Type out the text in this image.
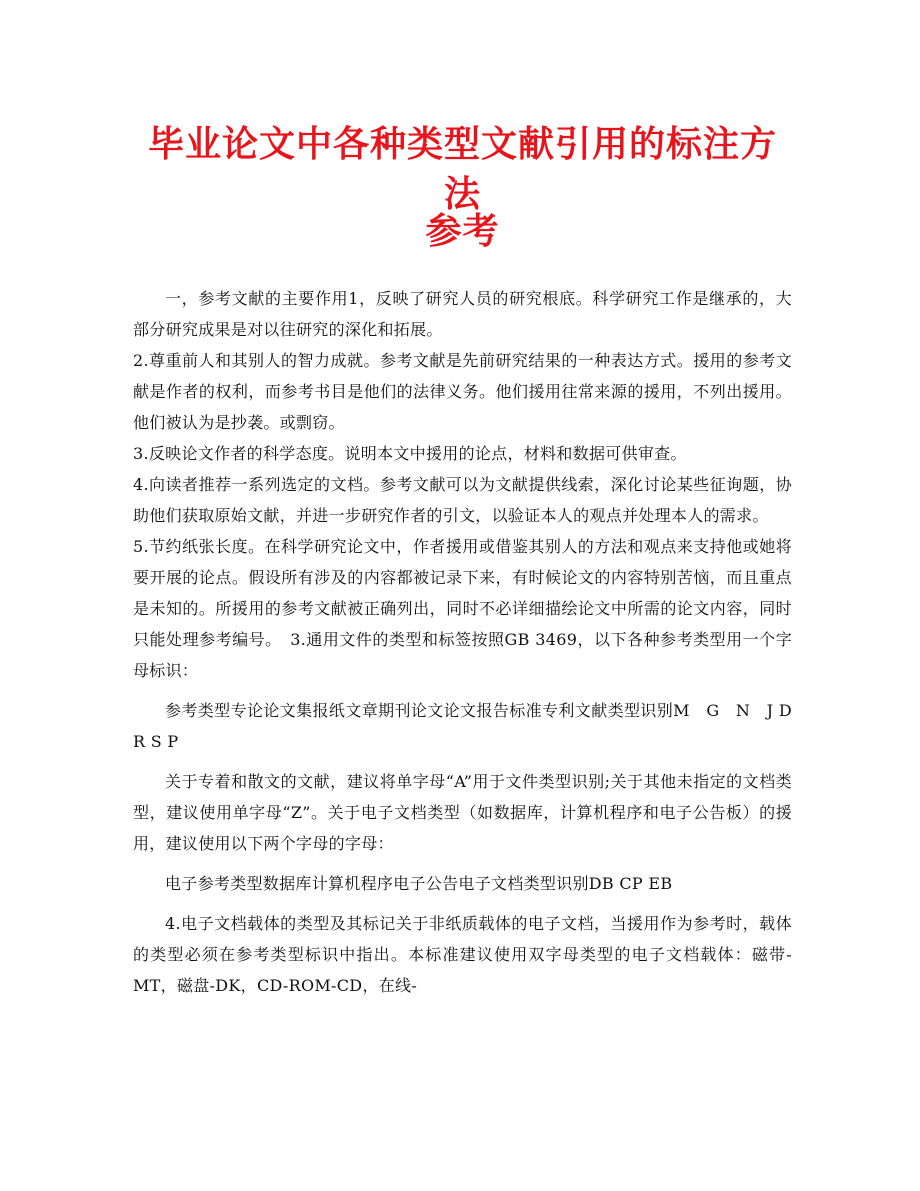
毕业论文中各种类型文献引用的标注方法
参考

一，参考文献的主要作用1，反映了研究人员的研究根底。科学研究工作是继承的，大部分研究成果是对以往研究的深化和拓展。

2.尊重前人和其别人的智力成就。参考文献是先前研究结果的一种表达方式。援用的参考文献是作者的权利，而参考书目是他们的法律义务。他们援用往常来源的援用，不列出援用。他们被认为是抄袭。或剽窃。

3.反映论文作者的科学态度。说明本文中援用的论点，材料和数据可供审查。

4.向读者推荐一系列选定的文档。参考文献可以为文献提供线索，深化讨论某些征询题，协助他们获取原始文献，并进一步研究作者的引文，以验证本人的观点并处理本人的需求。

5.节约纸张长度。在科学研究论文中，作者援用或借鉴其别人的方法和观点来支持他或她将要开展的论点。假设所有涉及的内容都被记录下来，有时候论文的内容特别苦恼，而且重点是未知的。所援用的参考文献被正确列出，同时不必详细描绘论文中所需的论文内容，同时只能处理参考编号。　3.通用文件的类型和标签按照GB 3469，以下各种参考类型用一个字母标识：

参考类型专论论文集报纸文章期刊论文论文报告标准专利文献类型识别M　G　N　J D R S P

关于专着和散文的文献，建议将单字母“A”用于文件类型识别;关于其他未指定的文档类型，建议使用单字母“Z”。关于电子文档类型（如数据库，计算机程序和电子公告板）的援用，建议使用以下两个字母的字母：

电子参考类型数据库计算机程序电子公告电子文档类型识别DB CP EB

4.电子文档载体的类型及其标记关于非纸质载体的电子文档，当援用作为参考时，载体的类型必须在参考类型标识中指出。本标准建议使用双字母类型的电子文档载体：磁带-MT，磁盘-DK，CD-ROM-CD，在线-
